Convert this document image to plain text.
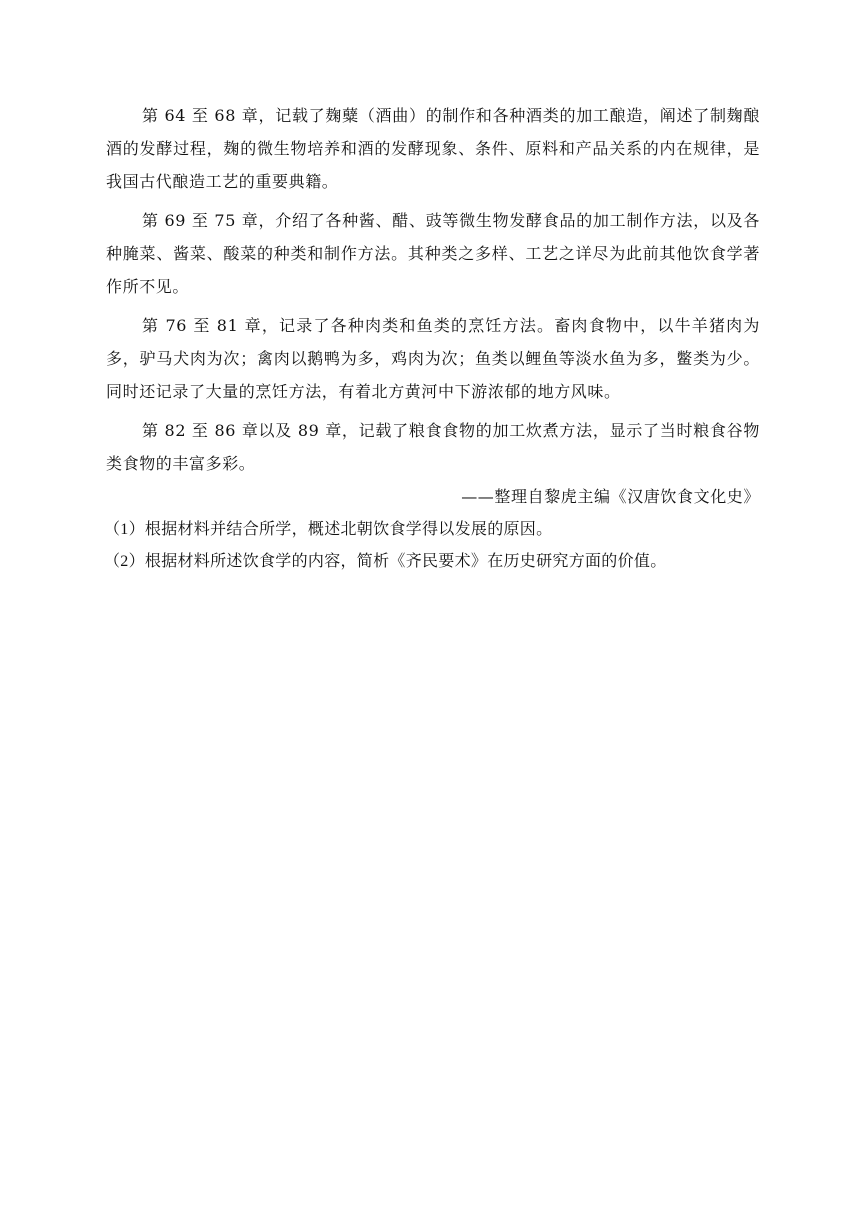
第 64 至 68 章，记载了麹糵（酒曲）的制作和各种酒类的加工酿造，阐述了制麹酿酒的发酵过程，麹的微生物培养和酒的发酵现象、条件、原料和产品关系的内在规律，是我国古代酿造工艺的重要典籍。

第 69 至 75 章，介绍了各种酱、醋、豉等微生物发酵食品的加工制作方法，以及各种腌菜、酱菜、酸菜的种类和制作方法。其种类之多样、工艺之详尽为此前其他饮食学著作所不见。

第 76 至 81 章，记录了各种肉类和鱼类的烹饪方法。畜肉食物中，以牛羊猪肉为多，驴马犬肉为次；禽肉以鹅鸭为多，鸡肉为次；鱼类以鲤鱼等淡水鱼为多，鳖类为少。同时还记录了大量的烹饪方法，有着北方黄河中下游浓郁的地方风味。

第 82 至 86 章以及 89 章，记载了粮食食物的加工炊煮方法，显示了当时粮食谷物类食物的丰富多彩。

——整理自黎虎主编《汉唐饮食文化史》

（1）根据材料并结合所学，概述北朝饮食学得以发展的原因。

（2）根据材料所述饮食学的内容，简析《齐民要术》在历史研究方面的价值。
